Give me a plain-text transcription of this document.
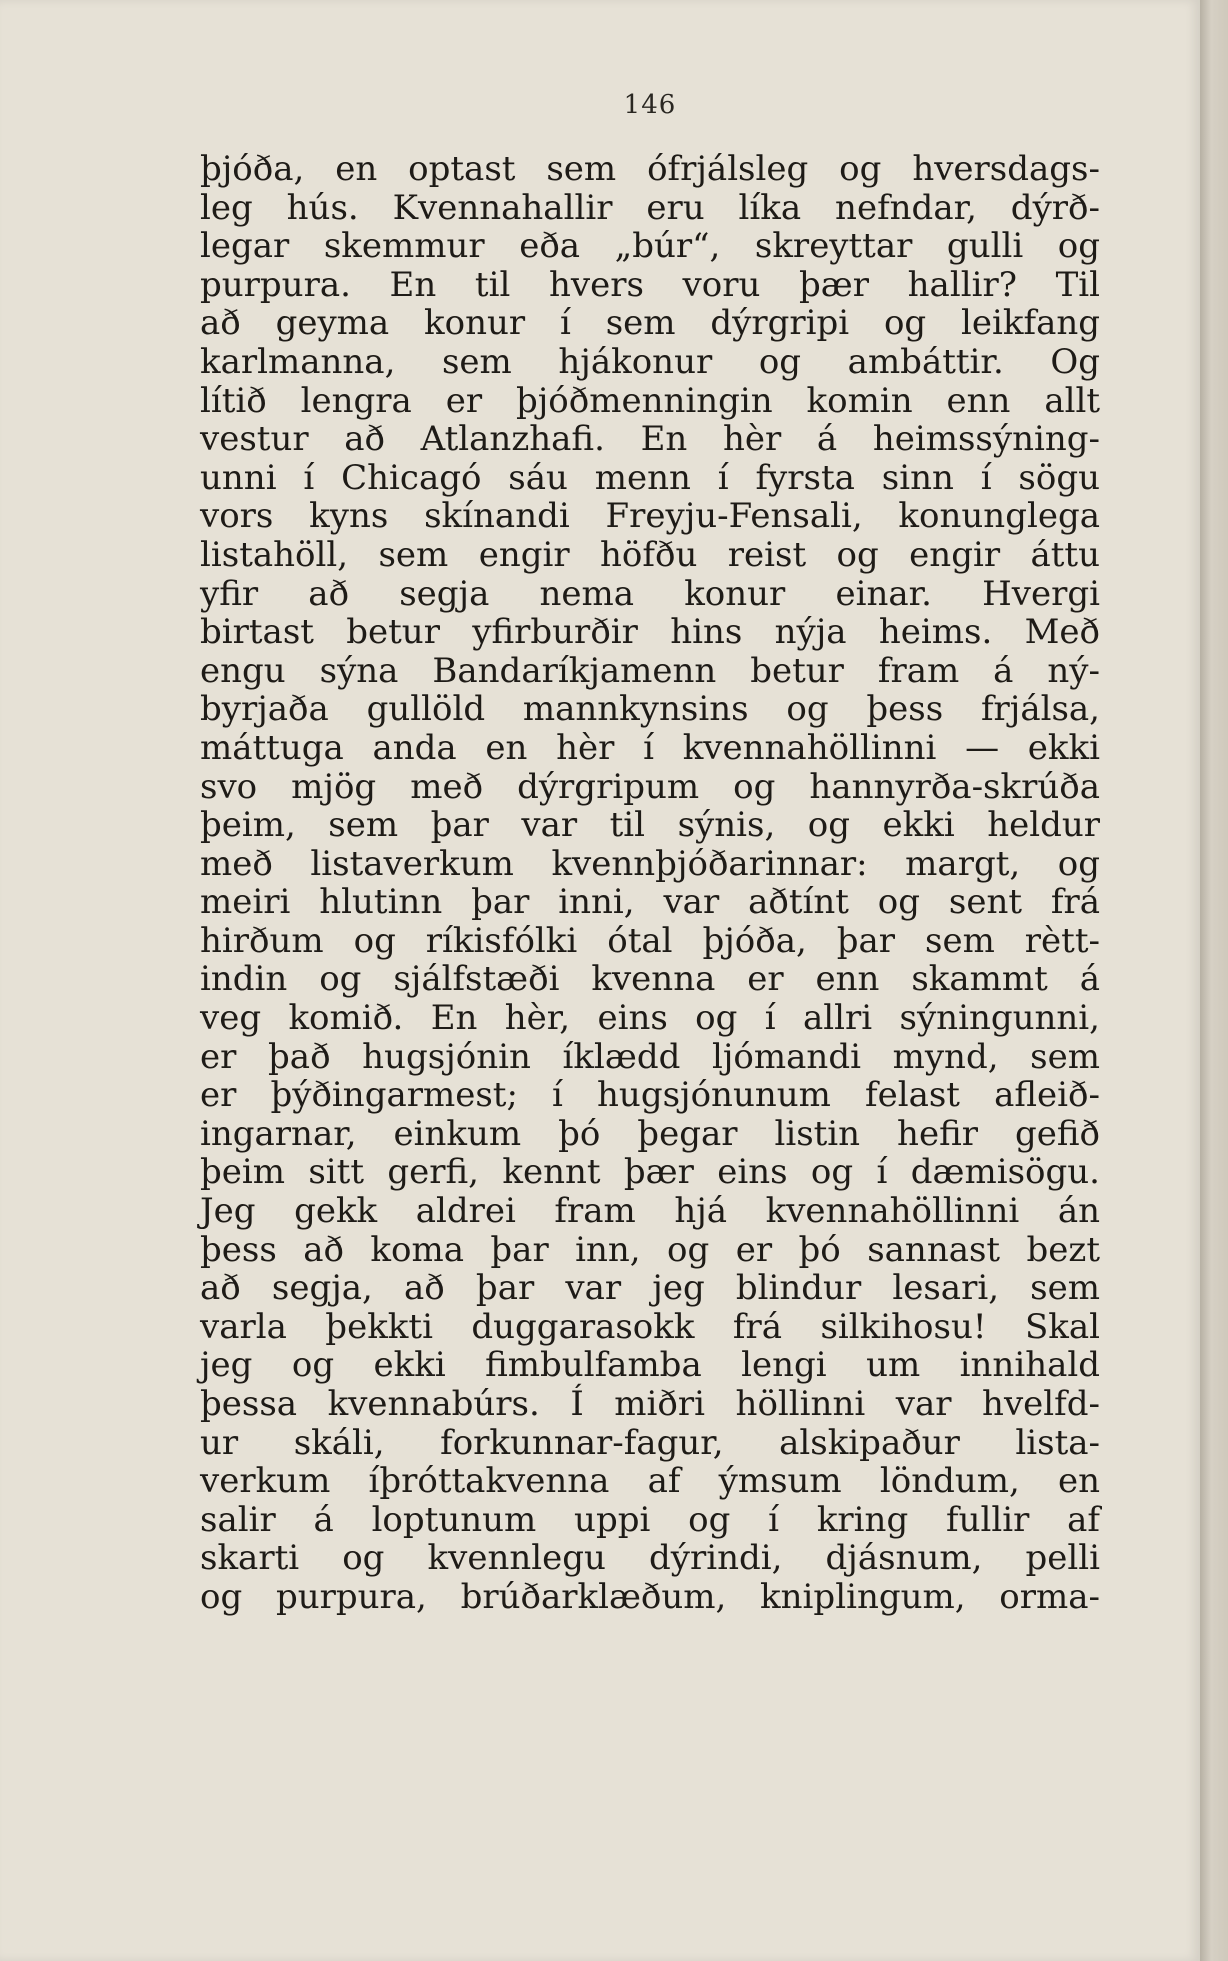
146
þjóða, en optast sem ófrjálsleg og hversdags-
leg hús. Kvennahallir eru líka nefndar, dýrð-
legar skemmur eða „búr“, skreyttar gulli og
purpura. En til hvers voru þær hallir? Til
að geyma konur í sem dýrgripi og leikfang
karlmanna, sem hjákonur og ambáttir. Og
lítið lengra er þjóðmenningin komin enn allt
vestur að Atlanzhafi. En hèr á heimssýning-
unni í Chicagó sáu menn í fyrsta sinn í sögu
vors kyns skínandi Freyju-Fensali, konunglega
listahöll, sem engir höfðu reist og engir áttu
yfir að segja nema konur einar. Hvergi
birtast betur yfirburðir hins nýja heims. Með
engu sýna Bandaríkjamenn betur fram á ný-
byrjaða gullöld mannkynsins og þess frjálsa,
máttuga anda en hèr í kvennahöllinni — ekki
svo mjög með dýrgripum og hannyrða-skrúða
þeim, sem þar var til sýnis, og ekki heldur
með listaverkum kvennþjóðarinnar: margt, og
meiri hlutinn þar inni, var aðtínt og sent frá
hirðum og ríkisfólki ótal þjóða, þar sem rètt-
indin og sjálfstæði kvenna er enn skammt á
veg komið. En hèr, eins og í allri sýningunni,
er það hugsjónin íklædd ljómandi mynd, sem
er þýðingarmest; í hugsjónunum felast afleið-
ingarnar, einkum þó þegar listin hefir gefið
þeim sitt gerfi, kennt þær eins og í dæmisögu.
Jeg gekk aldrei fram hjá kvennahöllinni án
þess að koma þar inn, og er þó sannast bezt
að segja, að þar var jeg blindur lesari, sem
varla þekkti duggarasokk frá silkihosu! Skal
jeg og ekki fimbulfamba lengi um innihald
þessa kvennabúrs. Í miðri höllinni var hvelfd-
ur skáli, forkunnar-fagur, alskipaður lista-
verkum íþróttakvenna af ýmsum löndum, en
salir á loptunum uppi og í kring fullir af
skarti og kvennlegu dýrindi, djásnum, pelli
og purpura, brúðarklæðum, kniplingum, orma-
